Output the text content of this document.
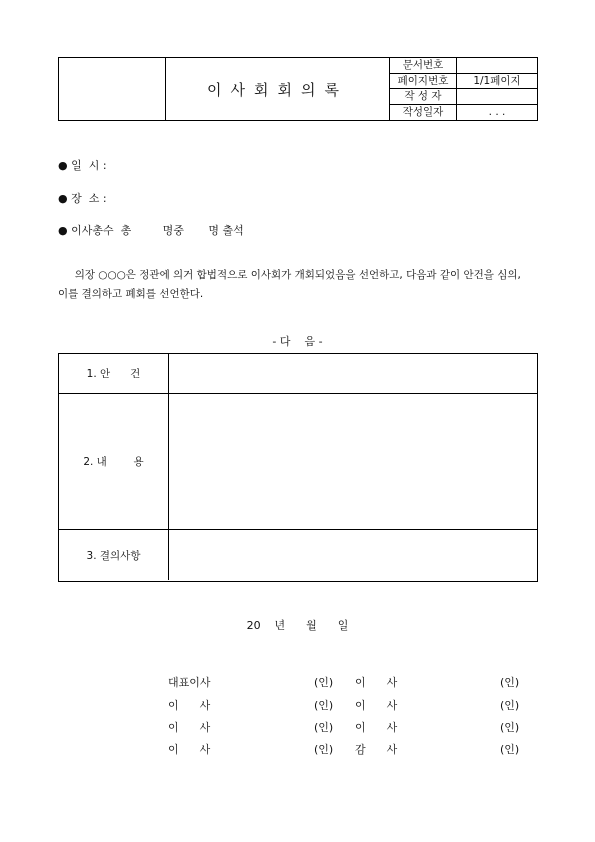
이사회회의록
문서번호
페이지번호	1/1페이지
작 성 자
작성일자	. . .
● 일  시 :
● 장  소 :
● 이사총수  총         명중       명 출석
의장 ○○○은 정관에 의거 합법적으로 이사회가 개회되었음을 선언하고, 다음과 같이 안건을 심의,
이를 결의하고 폐회를 선언한다.
- 다    음 -
1. 안      건
2. 내        용
3. 결의사항
20    년      월      일
대표이사	(인) 이      사	(인)
이      사	(인) 이      사	(인)
이      사	(인) 이      사	(인)
이      사	(인) 감      사	(인)
